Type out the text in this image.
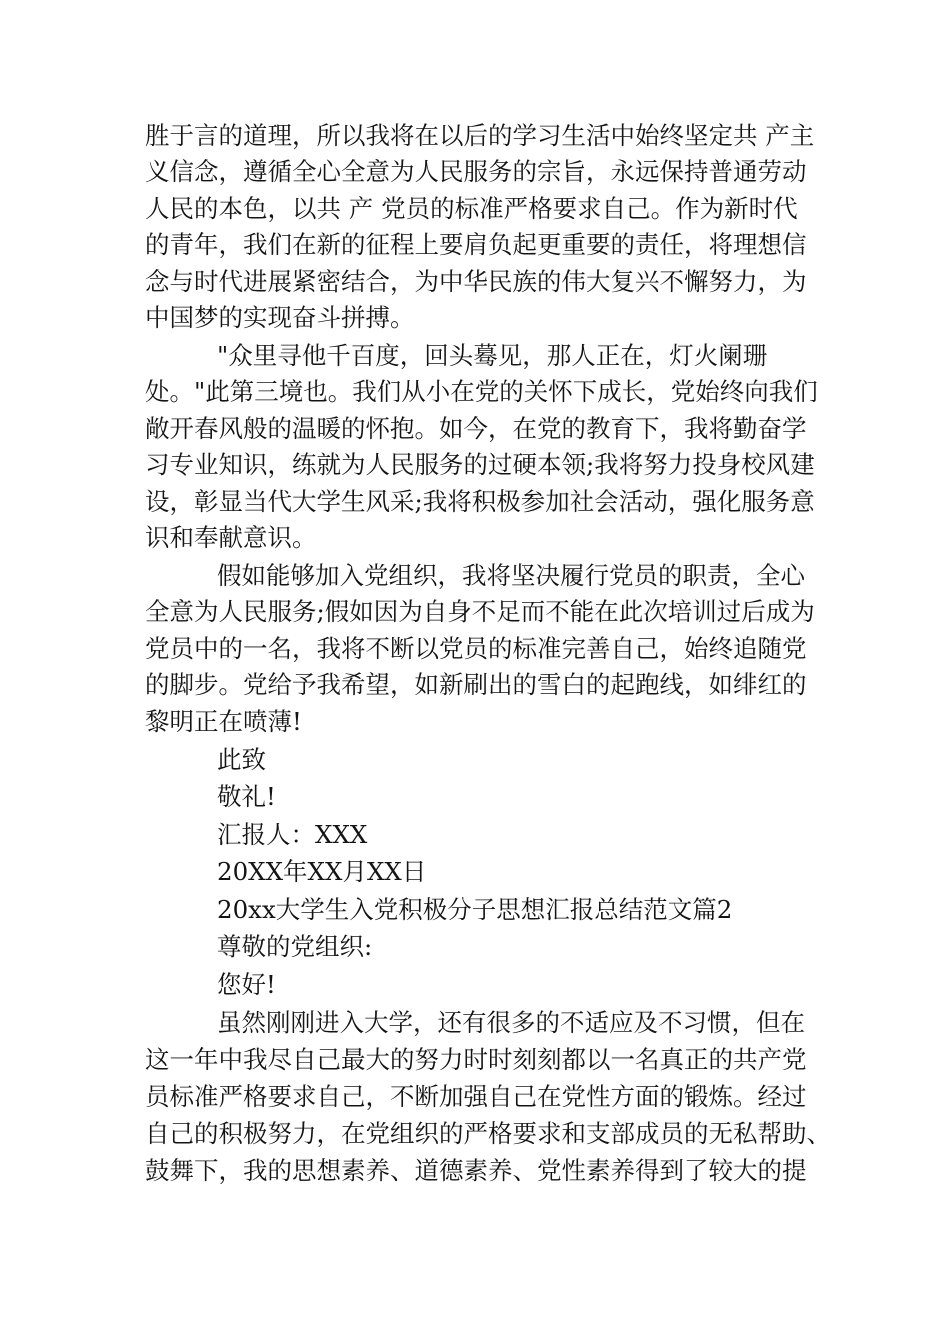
胜于言的道理，所以我将在以后的学习生活中始终坚定共 产主
义信念，遵循全心全意为人民服务的宗旨，永远保持普通劳动
人民的本色，以共 产 党员的标准严格要求自己。作为新时代
的青年，我们在新的征程上要肩负起更重要的责任，将理想信
念与时代进展紧密结合，为中华民族的伟大复兴不懈努力，为
中国梦的实现奋斗拼搏。
"众里寻他千百度，回头蓦见，那人正在，灯火阑珊
处。"此第三境也。我们从小在党的关怀下成长，党始终向我们
敞开春风般的温暖的怀抱。如今，在党的教育下，我将勤奋学
习专业知识，练就为人民服务的过硬本领;我将努力投身校风建
设，彰显当代大学生风采;我将积极参加社会活动，强化服务意
识和奉献意识。
假如能够加入党组织，我将坚决履行党员的职责，全心
全意为人民服务;假如因为自身不足而不能在此次培训过后成为
党员中的一名，我将不断以党员的标准完善自己，始终追随党
的脚步。党给予我希望，如新刷出的雪白的起跑线，如绯红的
黎明正在喷薄!
此致
敬礼!
汇报人：XXX
20XX年XX月XX日
20xx大学生入党积极分子思想汇报总结范文篇2
尊敬的党组织:
您好!
虽然刚刚进入大学，还有很多的不适应及不习惯，但在
这一年中我尽自己最大的努力时时刻刻都以一名真正的共产党
员标准严格要求自己，不断加强自己在党性方面的锻炼。经过
自己的积极努力，在党组织的严格要求和支部成员的无私帮助、
鼓舞下，我的思想素养、道德素养、党性素养得到了较大的提
